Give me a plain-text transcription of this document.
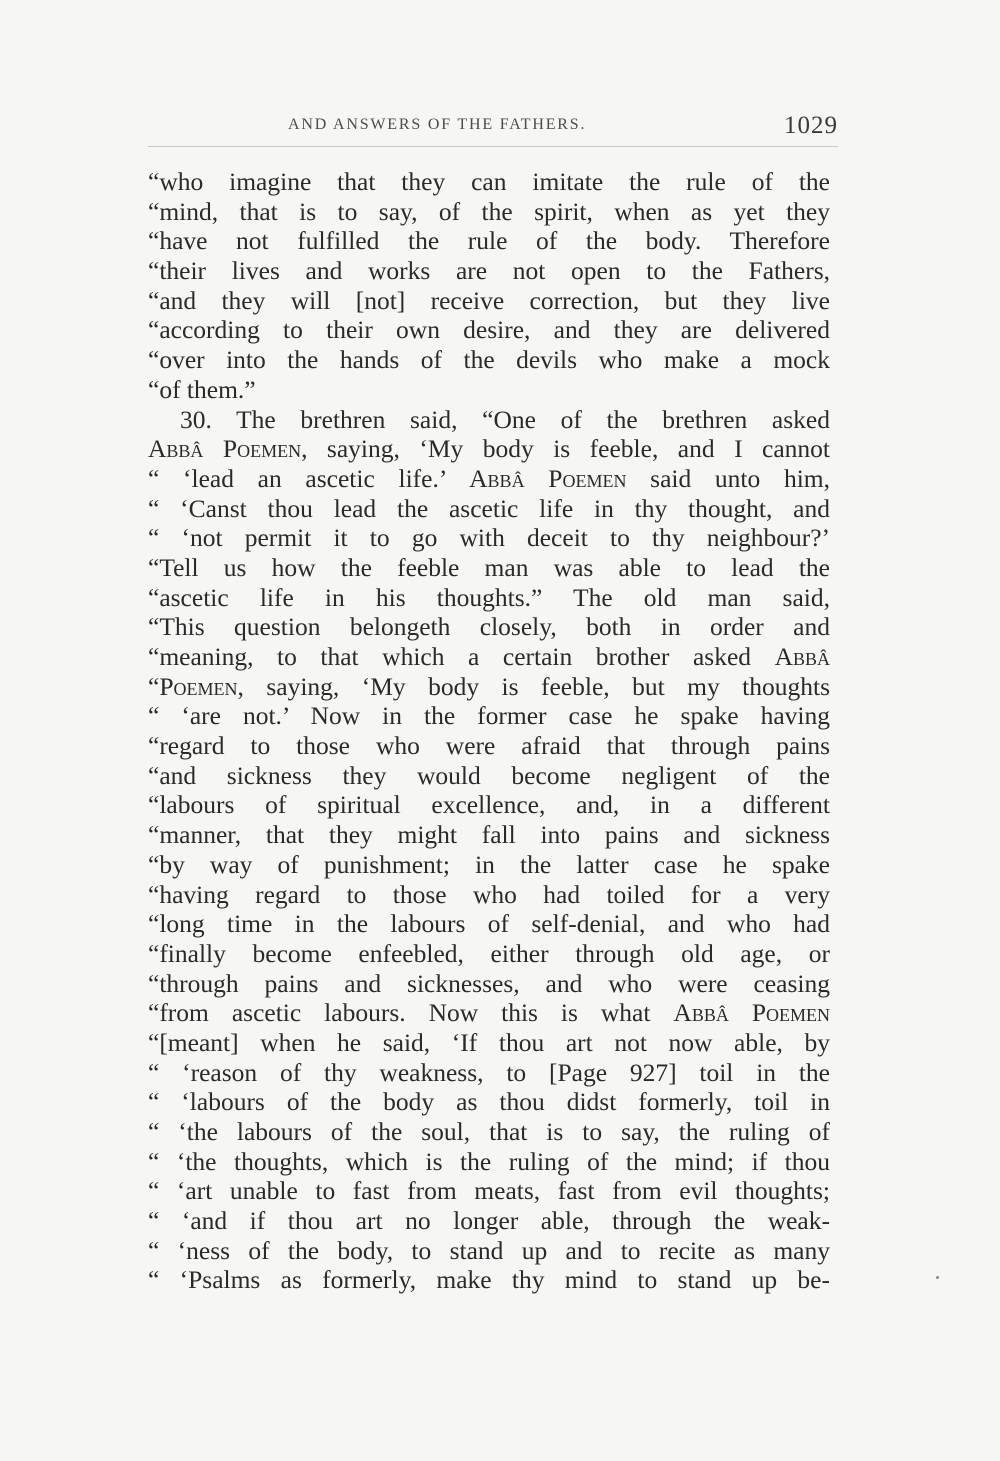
AND ANSWERS OF THE FATHERS.	1029
“who imagine that they can imitate the rule of the
“mind, that is to say, of the spirit, when as yet they
“have not fulfilled the rule of the body. Therefore
“their lives and works are not open to the Fathers,
“and they will [not] receive correction, but they live
“according to their own desire, and they are delivered
“over into the hands of the devils who make a mock
“of them.”
30. The brethren said, “One of the brethren asked
Abbâ Poemen, saying, ‘My body is feeble, and I cannot
“ ‘lead an ascetic life.’ Abbâ Poemen said unto him,
“ ‘Canst thou lead the ascetic life in thy thought, and
“ ‘not permit it to go with deceit to thy neighbour?’
“Tell us how the feeble man was able to lead the
“ascetic life in his thoughts.” The old man said,
“This question belongeth closely, both in order and
“meaning, to that which a certain brother asked Abbâ
“Poemen, saying, ‘My body is feeble, but my thoughts
“ ‘are not.’ Now in the former case he spake having
“regard to those who were afraid that through pains
“and sickness they would become negligent of the
“labours of spiritual excellence, and, in a different
“manner, that they might fall into pains and sickness
“by way of punishment; in the latter case he spake
“having regard to those who had toiled for a very
“long time in the labours of self-denial, and who had
“finally become enfeebled, either through old age, or
“through pains and sicknesses, and who were ceasing
“from ascetic labours. Now this is what Abbâ Poemen
“[meant] when he said, ‘If thou art not now able, by
“ ‘reason of thy weakness, to [Page 927] toil in the
“ ‘labours of the body as thou didst formerly, toil in
“ ‘the labours of the soul, that is to say, the ruling of
“ ‘the thoughts, which is the ruling of the mind; if thou
“ ‘art unable to fast from meats, fast from evil thoughts;
“ ‘and if thou art no longer able, through the weak-
“ ‘ness of the body, to stand up and to recite as many
“ ‘Psalms as formerly, make thy mind to stand up be-
